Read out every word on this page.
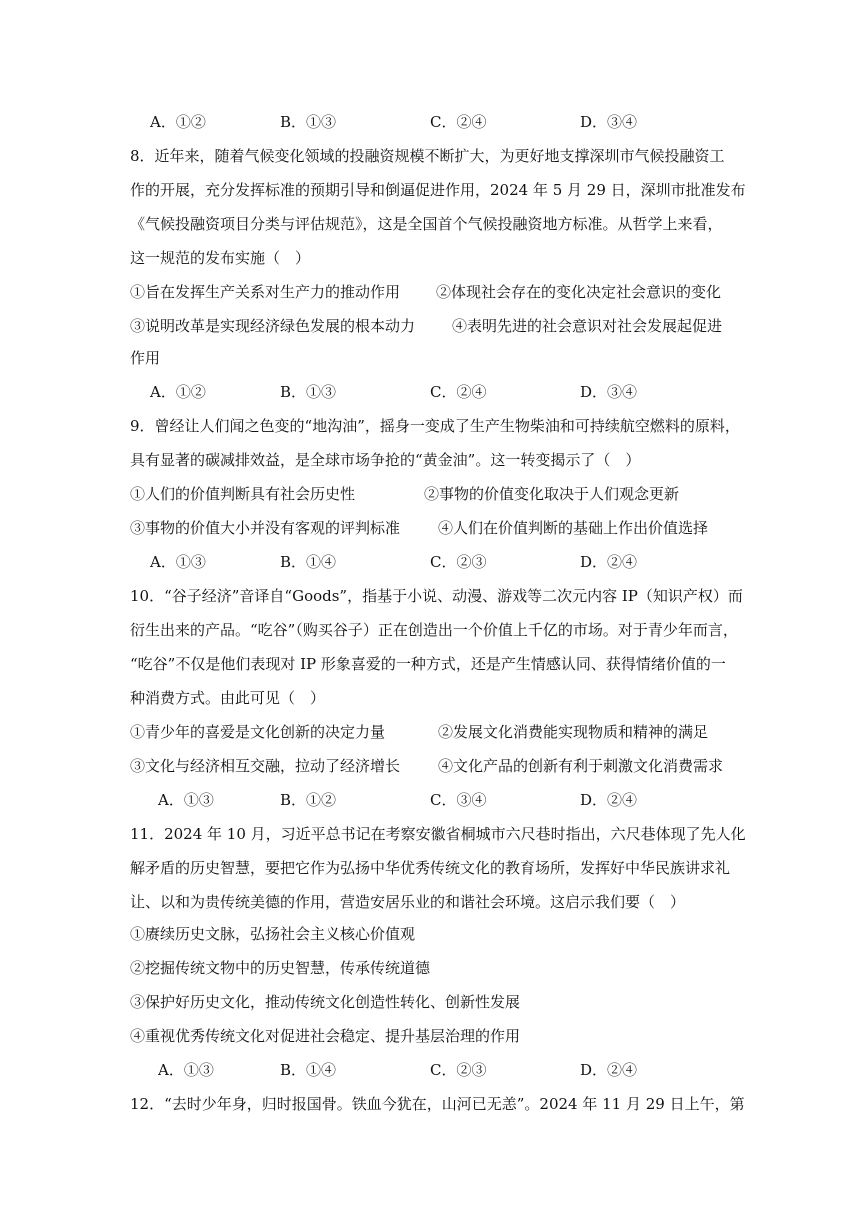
A．①②	B．①③	C．②④	D．③④
8．近年来，随着气候变化领域的投融资规模不断扩大，为更好地支撑深圳市气候投融资工
作的开展，充分发挥标准的预期引导和倒逼促进作用，2024 年 5 月 29 日，深圳市批准发布
《气候投融资项目分类与评估规范》，这是全国首个气候投融资地方标准。从哲学上来看，
这一规范的发布实施（　）
①旨在发挥生产关系对生产力的推动作用 ②体现社会存在的变化决定社会意识的变化
③说明改革是实现经济绿色发展的根本动力 ④表明先进的社会意识对社会发展起促进
作用
A．①②	B．①③	C．②④	D．③④
9．曾经让人们闻之色变的“地沟油”，摇身一变成了生产生物柴油和可持续航空燃料的原料，
具有显著的碳减排效益，是全球市场争抢的“黄金油”。这一转变揭示了（　）
①人们的价值判断具有社会历史性	②事物的价值变化取决于人们观念更新
③事物的价值大小并没有客观的评判标准	④人们在价值判断的基础上作出价值选择
A．①③	B．①④	C．②③	D．②④
10．“谷子经济”音译自“Goods”，指基于小说、动漫、游戏等二次元内容 IP（知识产权）而
衍生出来的产品。“吃谷”（购买谷子）正在创造出一个价值上千亿的市场。对于青少年而言，
“吃谷”不仅是他们表现对 IP 形象喜爱的一种方式，还是产生情感认同、获得情绪价值的一
种消费方式。由此可见（　）
①青少年的喜爱是文化创新的决定力量	②发展文化消费能实现物质和精神的满足
③文化与经济相互交融，拉动了经济增长	④文化产品的创新有利于刺激文化消费需求
A．①③	B．①②	C．③④	D．②④
11．2024 年 10 月，习近平总书记在考察安徽省桐城市六尺巷时指出，六尺巷体现了先人化
解矛盾的历史智慧，要把它作为弘扬中华优秀传统文化的教育场所，发挥好中华民族讲求礼
让、以和为贵传统美德的作用，营造安居乐业的和谐社会环境。这启示我们要（　）
①赓续历史文脉，弘扬社会主义核心价值观
②挖掘传统文物中的历史智慧，传承传统道德
③保护好历史文化，推动传统文化创造性转化、创新性发展
④重视优秀传统文化对促进社会稳定、提升基层治理的作用
A．①③	B．①④	C．②③	D．②④
12．“去时少年身，归时报国骨。铁血今犹在，山河已无恙”。2024 年 11 月 29 日上午，第
